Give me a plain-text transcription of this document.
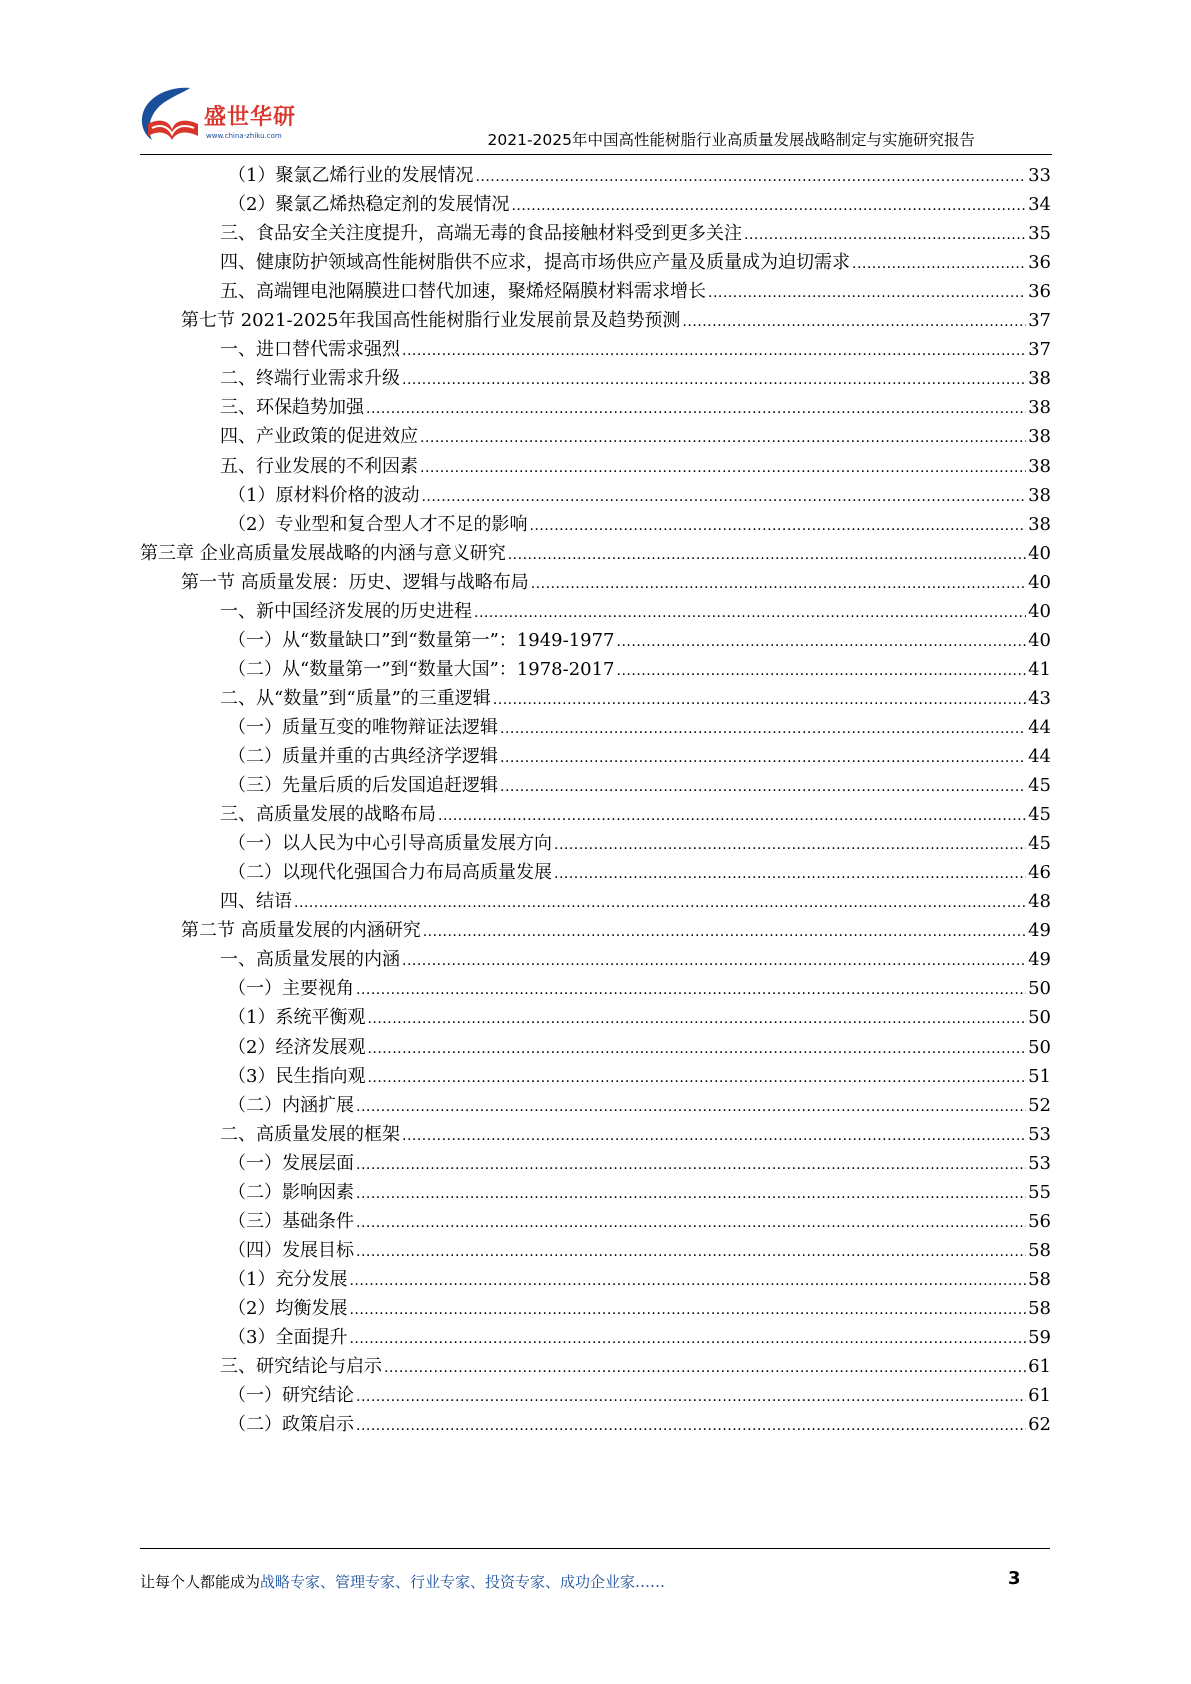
盛世华研
www.china-zhiku.com	2021-2025年中国高性能树脂行业高质量发展战略制定与实施研究报告
（1）聚氯乙烯行业的发展情况 .....	33
（2）聚氯乙烯热稳定剂的发展情况 .....	34
三、食品安全关注度提升，高端无毒的食品接触材料受到更多关注 .....	35
四、健康防护领域高性能树脂供不应求，提高市场供应产量及质量成为迫切需求 .....	36
五、高端锂电池隔膜进口替代加速，聚烯烃隔膜材料需求增长 .....	36
第七节 2021-2025年我国高性能树脂行业发展前景及趋势预测 .....	37
一、进口替代需求强烈 .....	37
二、终端行业需求升级 .....	38
三、环保趋势加强 .....	38
四、产业政策的促进效应 .....	38
五、行业发展的不利因素 .....	38
（1）原材料价格的波动 .....	38
（2）专业型和复合型人才不足的影响 .....	38
第三章 企业高质量发展战略的内涵与意义研究 .....	40
第一节 高质量发展：历史、逻辑与战略布局 .....	40
一、新中国经济发展的历史进程 .....	40
（一）从“数量缺口”到“数量第一”：1949-1977 .....	40
（二）从“数量第一”到“数量大国”：1978-2017 .....	41
二、从“数量”到“质量”的三重逻辑 .....	43
（一）质量互变的唯物辩证法逻辑 .....	44
（二）质量并重的古典经济学逻辑 .....	44
（三）先量后质的后发国追赶逻辑 .....	45
三、高质量发展的战略布局 .....	45
（一）以人民为中心引导高质量发展方向 .....	45
（二）以现代化强国合力布局高质量发展 .....	46
四、结语 .....	48
第二节 高质量发展的内涵研究 .....	49
一、高质量发展的内涵 .....	49
（一）主要视角 .....	50
（1）系统平衡观 .....	50
（2）经济发展观 .....	50
（3）民生指向观 .....	51
（二）内涵扩展 .....	52
二、高质量发展的框架 .....	53
（一）发展层面 .....	53
（二）影响因素 .....	55
（三）基础条件 .....	56
（四）发展目标 .....	58
（1）充分发展 .....	58
（2）均衡发展 .....	58
（3）全面提升 .....	59
三、研究结论与启示 .....	61
（一）研究结论 .....	61
（二）政策启示 .....	62
让每个人都能成为战略专家、管理专家、行业专家、投资专家、成功企业家……	3
